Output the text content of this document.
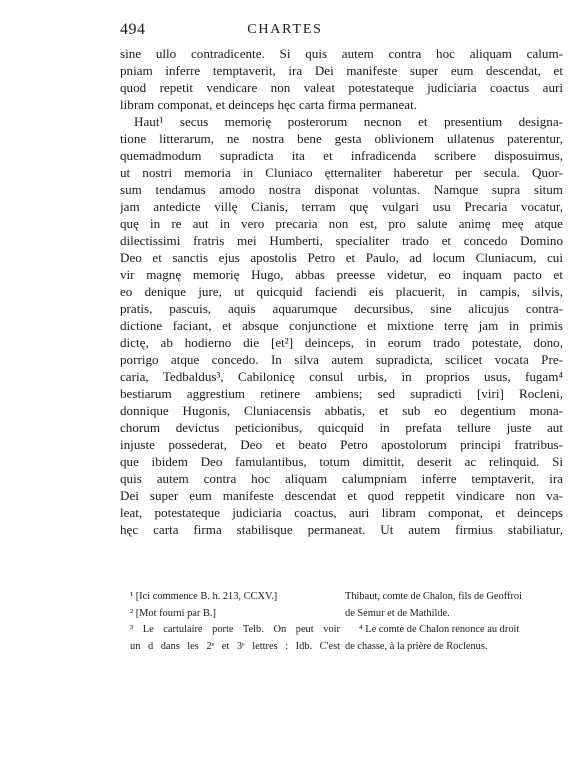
494	CHARTES
sine ullo contradicente. Si quis autem contra hoc aliquam calum-
pniam inferre temptaverit, ira Dei manifeste super eum descendat, et
quod repetit vendicare non valeat potestateque judiciaria coactus auri
libram componat, et deinceps hęc carta firma permaneat.
Haut¹ secus memorię posterorum necnon et presentium designa-
tione litterarum, ne nostra bene gesta oblivionem ullatenus paterentur,
quemadmodum supradicta ita et infradicenda scribere disposuimus,
ut nostri memoria in Cluniaco ętternaliter haberetur per secula. Quor-
sum tendamus amodo nostra disponat voluntas. Namque supra situm
jam antedicte villę Cianis, terram quę vulgari usu Precaria vocatur,
quę in re aut in vero precaria non est, pro salute animę meę atque
dilectissimi fratris mei Humberti, specialiter trado et concedo Domino
Deo et sanctis ejus apostolis Petro et Paulo, ad locum Cluniacum, cui
vir magnę memorię Hugo, abbas preesse videtur, eo inquam pacto et
eo denique jure, ut quicquid faciendi eis placuerit, in campis, silvis,
pratis, pascuis, aquis aquarumque decursibus, sine alicujus contra-
dictione faciant, et absque conjunctione et mixtione terrę jam in primis
dictę, ab hodierno die [et²] deinceps, in eorum trado potestate, dono,
porrigo atque concedo. In silva autem supradicta, scilicet vocata Pre-
caria, Tedbaldus³, Cabilonicę consul urbis, in proprios usus, fugam⁴
bestiarum aggrestium retinere ambiens; sed supradicti [viri] Rocleni,
donnique Hugonis, Cluniacensis abbatis, et sub eo degentium mona-
chorum devictus peticionibus, quicquid in prefata tellure juste aut
injuste possederat, Deo et beato Petro apostolorum principi fratribus-
que ibidem Deo famulantibus, totum dimittit, deserit ac relinquid. Si
quis autem contra hoc aliquam calumpniam inferre temptaverit, ira
Dei super eum manifeste descendat et quod reppetit vindicare non va-
leat, potestateque judiciaria coactus, auri libram componat, et deinceps
hęc carta firma stabilisque permaneat. Ut autem firmius stabiliatur,
¹ [Ici commence B. h. 213, CCXV.]
² [Mot fourni par B.]
³ Le cartulaire porte Telb. On peut voir
un d dans les 2ᵉ et 3ᵉ lettres : Idb. C'est
Thibaut, comte de Chalon, fils de Geoffroi
de Semur et de Mathilde.
⁴ Le comte de Chalon renonce au droit
de chasse, à la prière de Roclenus.
